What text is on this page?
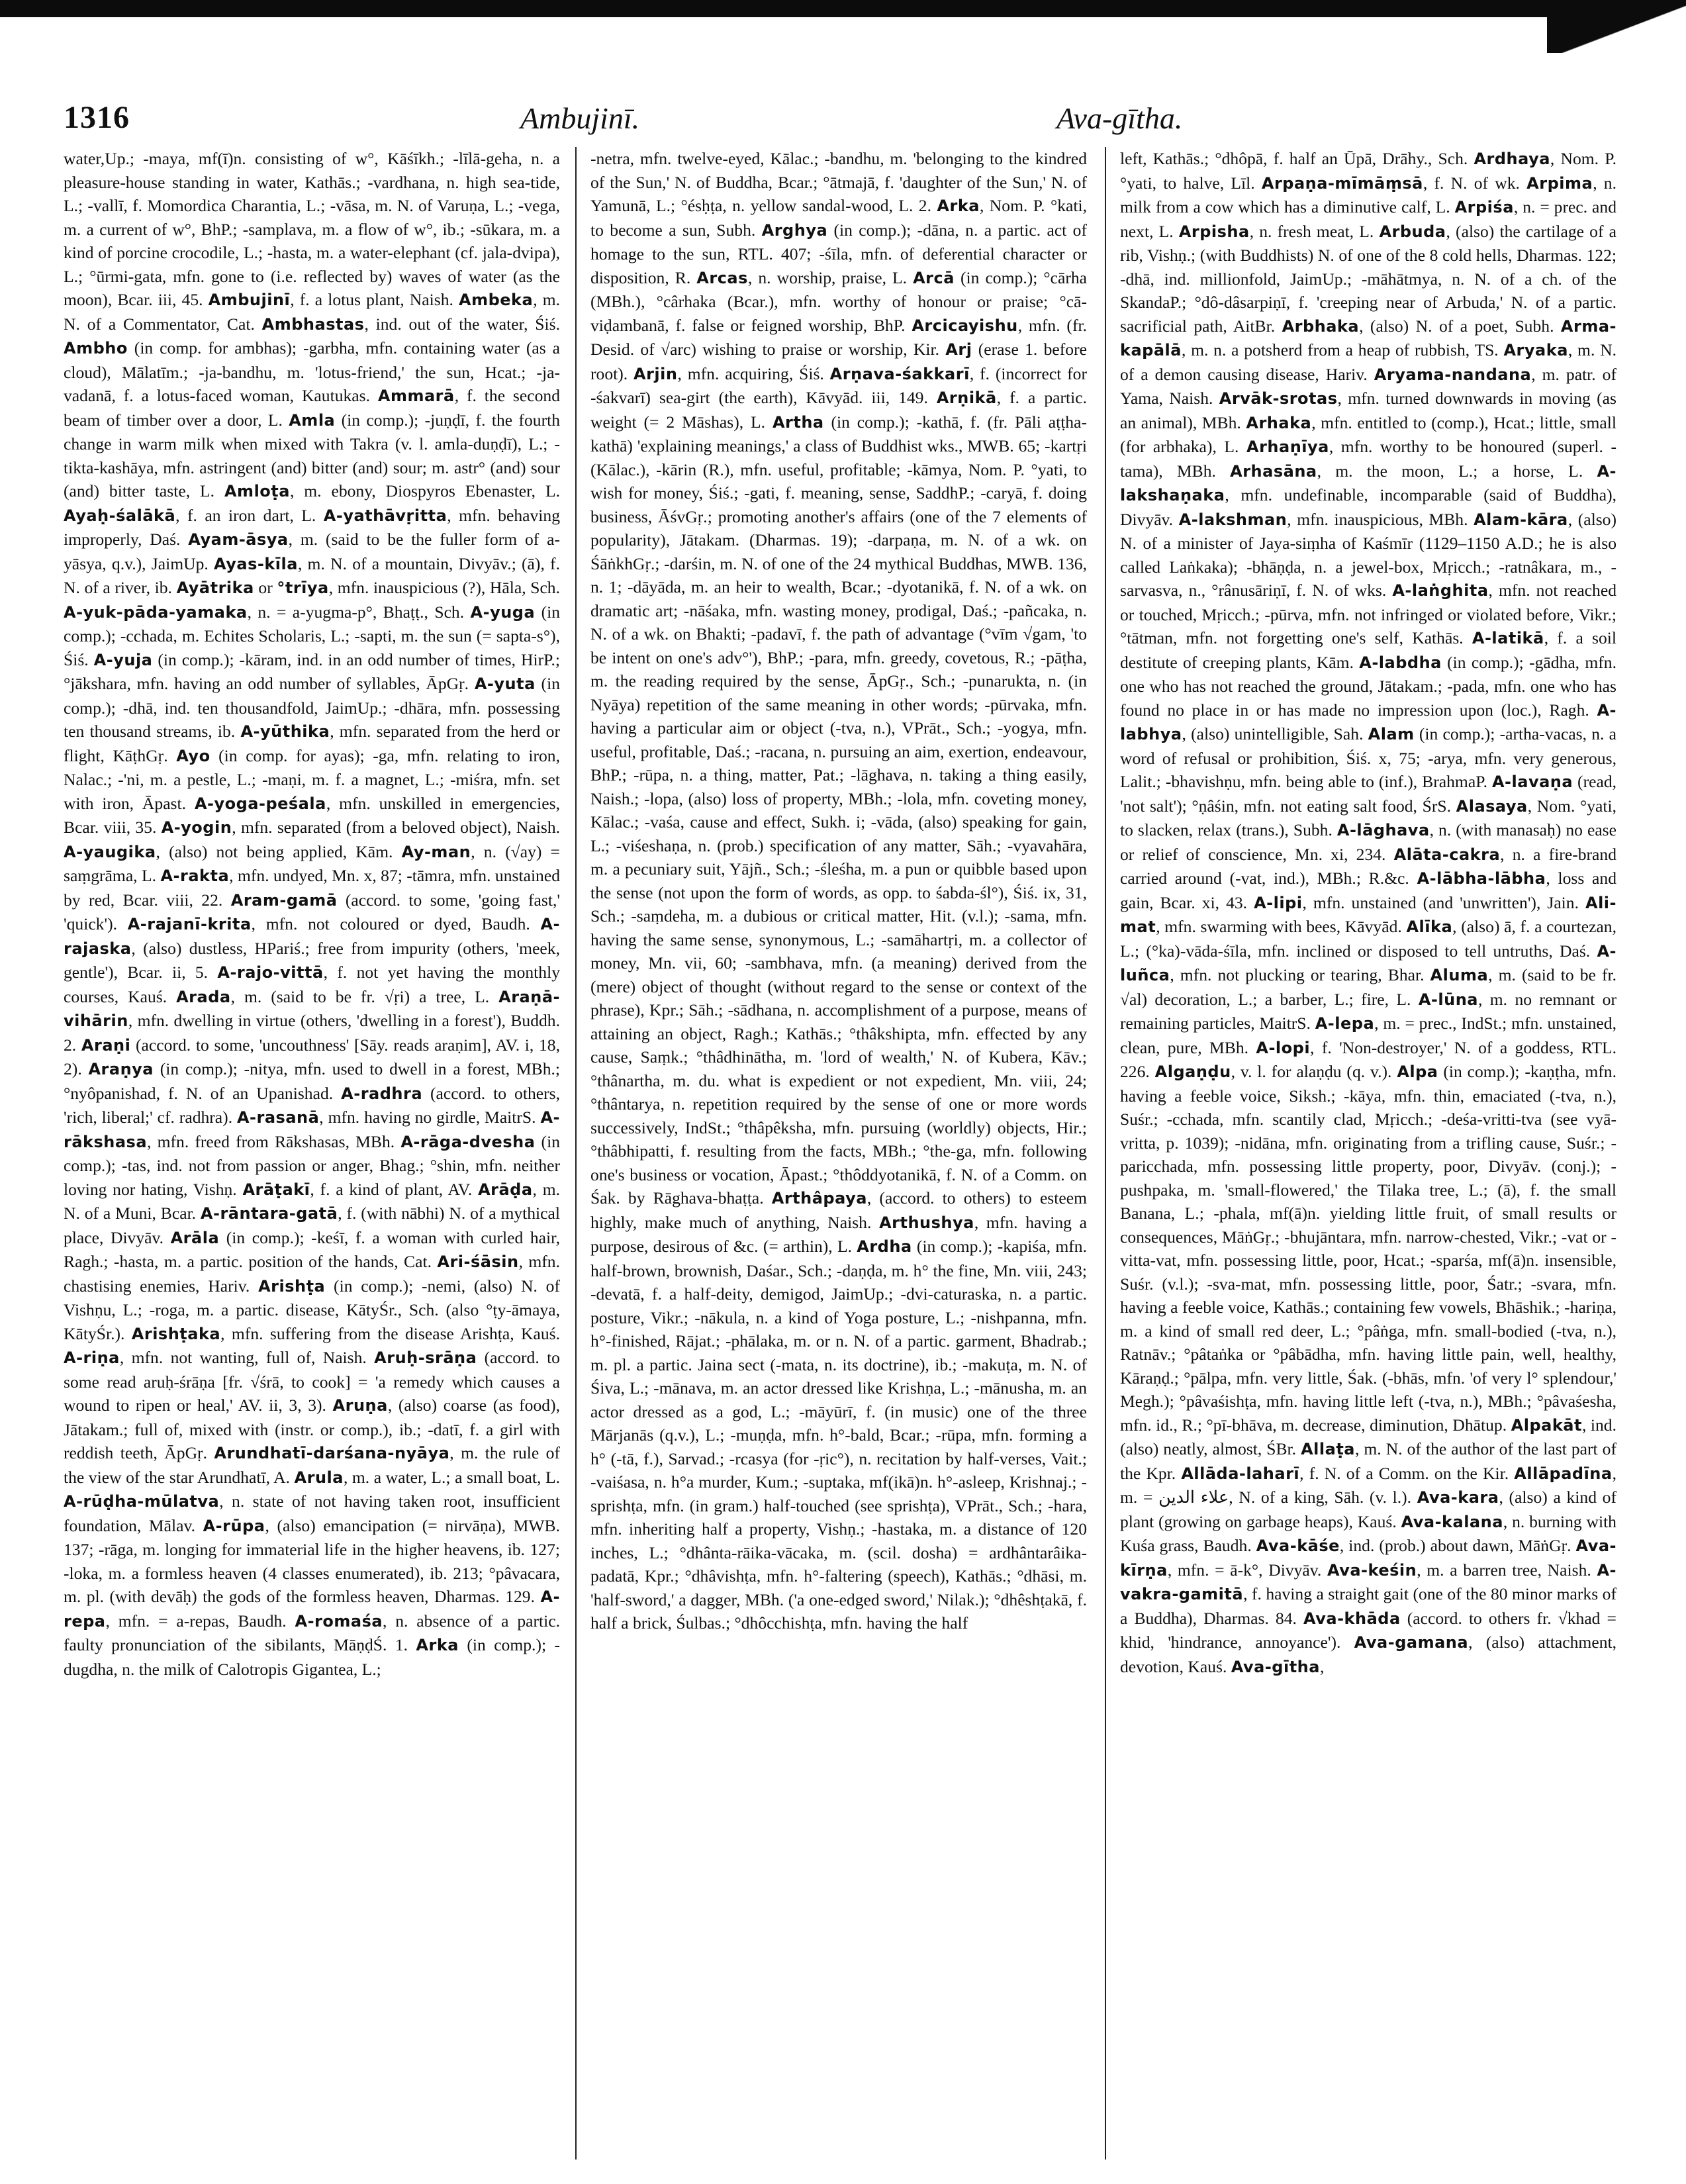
1316	Ambujinī.	Ava-gītha.
water,Up.; -maya, mf(ī)n. consisting of w°, Kāśīkh.; -līlā-geha, n. a pleasure-house standing in water, Kathās.; -vardhana, n. high sea-tide, L.; -vallī, f. Momordica Charantia, L.; -vāsa, m. N. of Varuṇa, L.; -vega, m. a current of w°, BhP.; -samplava, m. a flow of w°, ib.; -sūkara, m. a kind of porcine crocodile, L.; -hasta, m. a water-elephant (cf. jala-dvipa), L.; °ūrmi-gata, mfn. gone to (i.e. reflected by) waves of water (as the moon), Bcar. iii, 45. Ambujinī, f. a lotus plant, Naish. Ambeka, m. N. of a Commentator, Cat. Ambhastas, ind. out of the water, Śiś. Ambho (in comp. for ambhas); -garbha, mfn. containing water (as a cloud), Mālatīm.; -ja-bandhu, m. 'lotus-friend,' the sun, Hcat.; -ja-vadanā, f. a lotus-faced woman, Kautukas. Ammarā, f. the second beam of timber over a door, L. Amla (in comp.); -juṇḍī, f. the fourth change in warm milk when mixed with Takra (v. l. amla-duṇḍī), L.; -tikta-kashāya, mfn. astringent (and) bitter (and) sour; m. astr° (and) sour (and) bitter taste, L. Amloṭa, m. ebony, Diospyros Ebenaster, L. Ayaḥ-śalākā, f. an iron dart, L. A-yathāvṛitta, mfn. behaving improperly, Daś. Ayam-āsya, m. (said to be the fuller form of a-yāsya, q.v.), JaimUp. Ayas-kīla, m. N. of a mountain, Divyāv.; (ā), f. N. of a river, ib. Ayātrika or °trīya, mfn. inauspicious (?), Hāla, Sch. A-yuk-pāda-yamaka, n. = a-yugma-p°, Bhaṭṭ., Sch. A-yuga (in comp.); -cchada, m. Echites Scholaris, L.; -sapti, m. the sun (= sapta-s°), Śiś. A-yuja (in comp.); -kāram, ind. in an odd number of times, HirP.; °jākshara, mfn. having an odd number of syllables, ĀpGṛ. A-yuta (in comp.); -dhā, ind. ten thousandfold, JaimUp.; -dhāra, mfn. possessing ten thousand streams, ib. A-yūthika, mfn. separated from the herd or flight, KāṭhGṛ. Ayo (in comp. for ayas); -ga, mfn. relating to iron, Nalac.; -'ni, m. a pestle, L.; -maṇi, m. f. a magnet, L.; -miśra, mfn. set with iron, Āpast. A-yoga-peśala, mfn. unskilled in emergencies, Bcar. viii, 35. A-yogin, mfn. separated (from a beloved object), Naish. A-yaugika, (also) not being applied, Kām. Ay-man, n. (√ay) = saṃgrāma, L. A-rakta, mfn. undyed, Mn. x, 87; -tāmra, mfn. unstained by red, Bcar. viii, 22. Aram-gamā (accord. to some, 'going fast,' 'quick'). A-rajanī-krita, mfn. not coloured or dyed, Baudh. A-rajaska, (also) dustless, HPariś.; free from impurity (others, 'meek, gentle'), Bcar. ii, 5. A-rajo-vittā, f. not yet having the monthly courses, Kauś. Arada, m. (said to be fr. √ṛi) a tree, L. Araṇā-vihārin, mfn. dwelling in virtue (others, 'dwelling in a forest'), Buddh. 2. Araṇi (accord. to some, 'uncouthness' [Sāy. reads araṇim], AV. i, 18, 2). Araṇya (in comp.); -nitya, mfn. used to dwell in a forest, MBh.; °nyôpanishad, f. N. of an Upanishad. A-radhra (accord. to others, 'rich, liberal;' cf. radhra). A-rasanā, mfn. having no girdle, MaitrS. A-rākshasa, mfn. freed from Rākshasas, MBh. A-rāga-dvesha (in comp.); -tas, ind. not from passion or anger, Bhag.; °shin, mfn. neither loving nor hating, Vishṇ. Arāṭakī, f. a kind of plant, AV. Arāḍa, m. N. of a Muni, Bcar. A-rāntara-gatā, f. (with nābhi) N. of a mythical place, Divyāv. Arāla (in comp.); -keśī, f. a woman with curled hair, Ragh.; -hasta, m. a partic. position of the hands, Cat. Ari-śāsin, mfn. chastising enemies, Hariv. Arishṭa (in comp.); -nemi, (also) N. of Vishṇu, L.; -roga, m. a partic. disease, KātyŚr., Sch. (also °ṭy-āmaya, KātyŚr.). Arishṭaka, mfn. suffering from the disease Arishṭa, Kauś. A-riṇa, mfn. not wanting, full of, Naish. Aruḥ-srāṇa (accord. to some read aruḥ-śrāṇa [fr. √śrā, to cook] = 'a remedy which causes a wound to ripen or heal,' AV. ii, 3, 3). Aruṇa, (also) coarse (as food), Jātakam.; full of, mixed with (instr. or comp.), ib.; -datī, f. a girl with reddish teeth, ĀpGṛ. Arundhatī-darśana-nyāya, m. the rule of the view of the star Arundhatī, A. Arula, m. a water, L.; a small boat, L. A-rūḍha-mūlatva, n. state of not having taken root, insufficient foundation, Mālav. A-rūpa, (also) emancipation (= nirvāṇa), MWB. 137; -rāga, m. longing for immaterial life in the higher heavens, ib. 127; -loka, m. a formless heaven (4 classes enumerated), ib. 213; °pâvacara, m. pl. (with devāḥ) the gods of the formless heaven, Dharmas. 129. A-repa, mfn. = a-repas, Baudh. A-romaśa, n. absence of a partic. faulty pronunciation of the sibilants, MāṇḍŚ. 1. Arka (in comp.); -dugdha, n. the milk of Calotropis Gigantea, L.;
-netra, mfn. twelve-eyed, Kālac.; -bandhu, m. 'belonging to the kindred of the Sun,' N. of Buddha, Bcar.; °ātmajā, f. 'daughter of the Sun,' N. of Yamunā, L.; °ésḥṭa, n. yellow sandal-wood, L. 2. Arka, Nom. P. °kati, to become a sun, Subh. Arghya (in comp.); -dāna, n. a partic. act of homage to the sun, RTL. 407; -śīla, mfn. of deferential character or disposition, R. Arcas, n. worship, praise, L. Arcā (in comp.); °cārha (MBh.), °cârhaka (Bcar.), mfn. worthy of honour or praise; °cā-viḍambanā, f. false or feigned worship, BhP. Arcicayishu, mfn. (fr. Desid. of √arc) wishing to praise or worship, Kir. Arj (erase 1. before root). Arjin, mfn. acquiring, Śiś. Arṇava-śakkarī, f. (incorrect for -śakvarī) sea-girt (the earth), Kāvyād. iii, 149. Arṇikā, f. a partic. weight (= 2 Māshas), L. Artha (in comp.); -kathā, f. (fr. Pāli aṭṭha-kathā) 'explaining meanings,' a class of Buddhist wks., MWB. 65; -kartṛi (Kālac.), -kārin (R.), mfn. useful, profitable; -kāmya, Nom. P. °yati, to wish for money, Śiś.; -gati, f. meaning, sense, SaddhP.; -caryā, f. doing business, ĀśvGṛ.; promoting another's affairs (one of the 7 elements of popularity), Jātakam. (Dharmas. 19); -darpaṇa, m. N. of a wk. on ŚāṅkhGṛ.; -darśin, m. N. of one of the 24 mythical Buddhas, MWB. 136, n. 1; -dāyāda, m. an heir to wealth, Bcar.; -dyotanikā, f. N. of a wk. on dramatic art; -nāśaka, mfn. wasting money, prodigal, Daś.; -pañcaka, n. N. of a wk. on Bhakti; -padavī, f. the path of advantage (°vīm √gam, 'to be intent on one's adv°'), BhP.; -para, mfn. greedy, covetous, R.; -pāṭha, m. the reading required by the sense, ĀpGṛ., Sch.; -punarukta, n. (in Nyāya) repetition of the same meaning in other words; -pūrvaka, mfn. having a particular aim or object (-tva, n.), VPrāt., Sch.; -yogya, mfn. useful, profitable, Daś.; -racana, n. pursuing an aim, exertion, endeavour, BhP.; -rūpa, n. a thing, matter, Pat.; -lāghava, n. taking a thing easily, Naish.; -lopa, (also) loss of property, MBh.; -lola, mfn. coveting money, Kālac.; -vaśa, cause and effect, Sukh. i; -vāda, (also) speaking for gain, L.; -viśeshaṇa, n. (prob.) specification of any matter, Sāh.; -vyavahāra, m. a pecuniary suit, Yājñ., Sch.; -śleśha, m. a pun or quibble based upon the sense (not upon the form of words, as opp. to śabda-śl°), Śiś. ix, 31, Sch.; -saṃdeha, m. a dubious or critical matter, Hit. (v.l.); -sama, mfn. having the same sense, synonymous, L.; -samāhartṛi, m. a collector of money, Mn. vii, 60; -sambhava, mfn. (a meaning) derived from the (mere) object of thought (without regard to the sense or context of the phrase), Kpr.; Sāh.; -sādhana, n. accomplishment of a purpose, means of attaining an object, Ragh.; Kathās.; °thâkshipta, mfn. effected by any cause, Saṃk.; °thâdhinātha, m. 'lord of wealth,' N. of Kubera, Kāv.; °thânartha, m. du. what is expedient or not expedient, Mn. viii, 24; °thântarya, n. repetition required by the sense of one or more words successively, IndSt.; °thâpêksha, mfn. pursuing (worldly) objects, Hir.; °thâbhipatti, f. resulting from the facts, MBh.; °the-ga, mfn. following one's business or vocation, Āpast.; °thôddyotanikā, f. N. of a Comm. on Śak. by Rāghava-bhaṭṭa. Arthâpaya, (accord. to others) to esteem highly, make much of anything, Naish. Arthushya, mfn. having a purpose, desirous of &c. (= arthin), L. Ardha (in comp.); -kapiśa, mfn. half-brown, brownish, Daśar., Sch.; -daṇḍa, m. h° the fine, Mn. viii, 243; -devatā, f. a half-deity, demigod, JaimUp.; -dvi-caturaska, n. a partic. posture, Vikr.; -nākula, n. a kind of Yoga posture, L.; -nishpanna, mfn. h°-finished, Rājat.; -phālaka, m. or n. N. of a partic. garment, Bhadrab.; m. pl. a partic. Jaina sect (-mata, n. its doctrine), ib.; -makuṭa, m. N. of Śiva, L.; -mānava, m. an actor dressed like Krishṇa, L.; -mānusha, m. an actor dressed as a god, L.; -māyūrī, f. (in music) one of the three Mārjanās (q.v.), L.; -muṇḍa, mfn. h°-bald, Bcar.; -rūpa, mfn. forming a h° (-tā, f.), Sarvad.; -rcasya (for -ṛic°), n. recitation by half-verses, Vait.; -vaiśasa, n. h°a murder, Kum.; -suptaka, mf(ikā)n. h°-asleep, Krishnaj.; -sprishṭa, mfn. (in gram.) half-touched (see sprishṭa), VPrāt., Sch.; -hara, mfn. inheriting half a property, Vishṇ.; -hastaka, m. a distance of 120 inches, L.; °dhânta-rāika-vācaka, m. (scil. dosha) = ardhântarâika-padatā, Kpr.; °dhâvishṭa, mfn. h°-faltering (speech), Kathās.; °dhāsi, m. 'half-sword,' a dagger, MBh. ('a one-edged sword,' Nilak.); °dhêshṭakā, f. half a brick, Śulbas.; °dhôcchishṭa, mfn. having the half
left, Kathās.; °dhôpā, f. half an Ūpā, Drāhy., Sch. Ardhaya, Nom. P. °yati, to halve, Līl. Arpaṇa-mīmāṃsā, f. N. of wk. Arpima, n. milk from a cow which has a diminutive calf, L. Arpiśa, n. = prec. and next, L. Arpisha, n. fresh meat, L. Arbuda, (also) the cartilage of a rib, Vishṇ.; (with Buddhists) N. of one of the 8 cold hells, Dharmas. 122; -dhā, ind. millionfold, JaimUp.; -māhātmya, n. N. of a ch. of the SkandaP.; °dô-dâsarpiṇī, f. 'creeping near of Arbuda,' N. of a partic. sacrificial path, AitBr. Arbhaka, (also) N. of a poet, Subh. Arma-kapālā, m. n. a potsherd from a heap of rubbish, TS. Aryaka, m. N. of a demon causing disease, Hariv. Aryama-nandana, m. patr. of Yama, Naish. Arvāk-srotas, mfn. turned downwards in moving (as an animal), MBh. Arhaka, mfn. entitled to (comp.), Hcat.; little, small (for arbhaka), L. Arhaṇīya, mfn. worthy to be honoured (superl. -tama), MBh. Arhasāna, m. the moon, L.; a horse, L. A-lakshaṇaka, mfn. undefinable, incomparable (said of Buddha), Divyāv. A-lakshman, mfn. inauspicious, MBh. Alam-kāra, (also) N. of a minister of Jaya-siṃha of Kaśmīr (1129–1150 A.D.; he is also called Laṅkaka); -bhāṇḍa, n. a jewel-box, Mṛicch.; -ratnâkara, m., -sarvasva, n., °rânusāriṇī, f. N. of wks. A-laṅghita, mfn. not reached or touched, Mṛicch.; -pūrva, mfn. not infringed or violated before, Vikr.; °tātman, mfn. not forgetting one's self, Kathās. A-latikā, f. a soil destitute of creeping plants, Kām. A-labdha (in comp.); -gādha, mfn. one who has not reached the ground, Jātakam.; -pada, mfn. one who has found no place in or has made no impression upon (loc.), Ragh. A-labhya, (also) unintelligible, Sah. Alam (in comp.); -artha-vacas, n. a word of refusal or prohibition, Śiś. x, 75; -arya, mfn. very generous, Lalit.; -bhavishṇu, mfn. being able to (inf.), BrahmaP. A-lavaṇa (read, 'not salt'); °ṇâśin, mfn. not eating salt food, ŚrS. Alasaya, Nom. °yati, to slacken, relax (trans.), Subh. A-lāghava, n. (with manasaḥ) no ease or relief of conscience, Mn. xi, 234. Alāta-cakra, n. a fire-brand carried around (-vat, ind.), MBh.; R.&c. A-lābha-lābha, loss and gain, Bcar. xi, 43. A-lipi, mfn. unstained (and 'unwritten'), Jain. Ali-mat, mfn. swarming with bees, Kāvyād. Alīka, (also) ā, f. a courtezan, L.; (°ka)-vāda-śīla, mfn. inclined or disposed to tell untruths, Daś. A-luñca, mfn. not plucking or tearing, Bhar. Aluma, m. (said to be fr. √al) decoration, L.; a barber, L.; fire, L. A-lūna, m. no remnant or remaining particles, MaitrS. A-lepa, m. = prec., IndSt.; mfn. unstained, clean, pure, MBh. A-lopi, f. 'Non-destroyer,' N. of a goddess, RTL. 226. Algaṇḍu, v. l. for alaṇḍu (q. v.). Alpa (in comp.); -kaṇṭha, mfn. having a feeble voice, Siksh.; -kāya, mfn. thin, emaciated (-tva, n.), Suśr.; -cchada, mfn. scantily clad, Mṛicch.; -deśa-vritti-tva (see vyā-vritta, p. 1039); -nidāna, mfn. originating from a trifling cause, Suśr.; -paricchada, mfn. possessing little property, poor, Divyāv. (conj.); -pushpaka, m. 'small-flowered,' the Tilaka tree, L.; (ā), f. the small Banana, L.; -phala, mf(ā)n. yielding little fruit, of small results or consequences, MāṅGṛ.; -bhujāntara, mfn. narrow-chested, Vikr.; -vat or -vitta-vat, mfn. possessing little, poor, Hcat.; -sparśa, mf(ā)n. insensible, Suśr. (v.l.); -sva-mat, mfn. possessing little, poor, Śatr.; -svara, mfn. having a feeble voice, Kathās.; containing few vowels, Bhāshik.; -hariṇa, m. a kind of small red deer, L.; °pâṅga, mfn. small-bodied (-tva, n.), Ratnāv.; °pâtaṅka or °pâbādha, mfn. having little pain, well, healthy, Kāraṇḍ.; °pālpa, mfn. very little, Śak. (-bhās, mfn. 'of very l° splendour,' Megh.); °pâvaśishṭa, mfn. having little left (-tva, n.), MBh.; °pâvaśesha, mfn. id., R.; °pī-bhāva, m. decrease, diminution, Dhātup. Alpakāt, ind. (also) neatly, almost, ŚBr. Allaṭa, m. N. of the author of the last part of the Kpr. Allāda-laharī, f. N. of a Comm. on the Kir. Allāpadīna, m. = علاء الدين, N. of a king, Sāh. (v. l.). Ava-kara, (also) a kind of plant (growing on garbage heaps), Kauś. Ava-kalana, n. burning with Kuśa grass, Baudh. Ava-kāśe, ind. (prob.) about dawn, MāṅGṛ. Ava-kīrṇa, mfn. = ā-k°, Divyāv. Ava-keśin, m. a barren tree, Naish. A-vakra-gamitā, f. having a straight gait (one of the 80 minor marks of a Buddha), Dharmas. 84. Ava-khāda (accord. to others fr. √khad = khid, 'hindrance, annoyance'). Ava-gamana, (also) attachment, devotion, Kauś. Ava-gītha,
